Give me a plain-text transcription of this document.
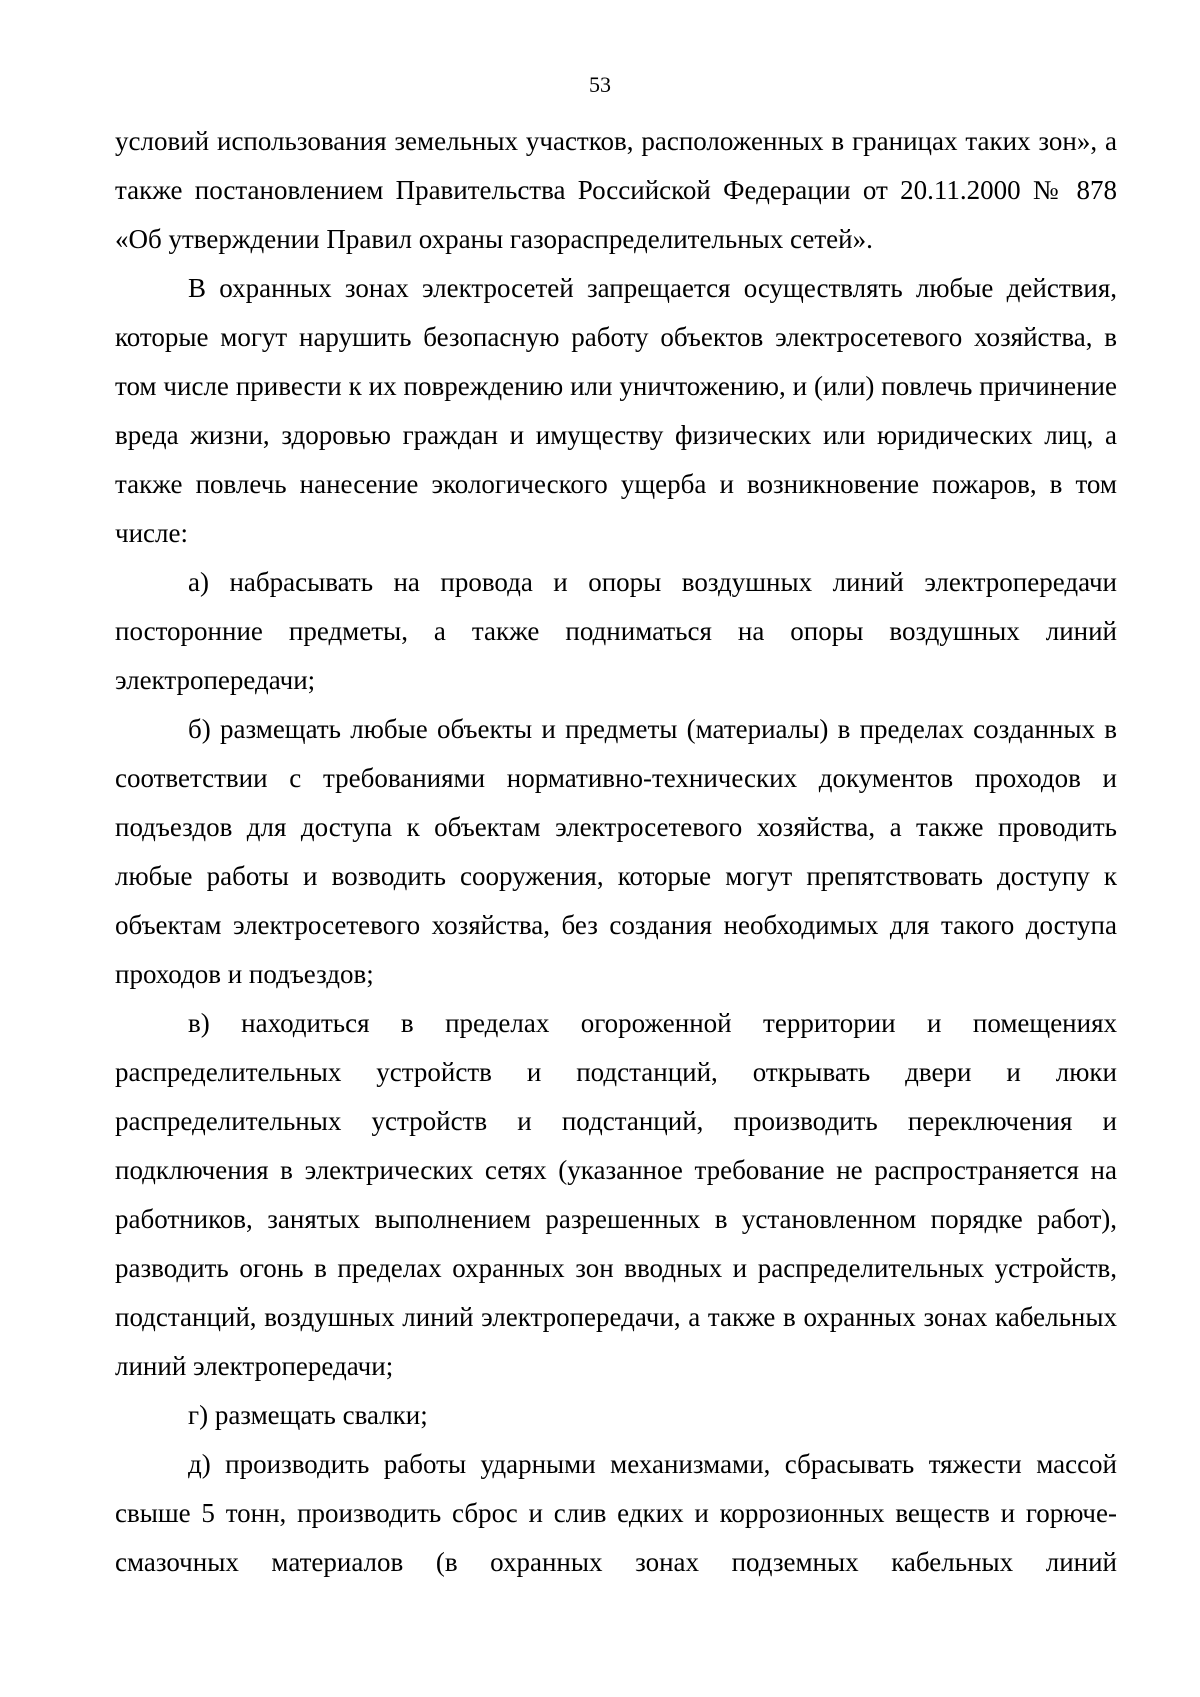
53

условий использования земельных участков, расположенных в границах таких зон», а также постановлением Правительства Российской Федерации от 20.11.2000 № 878 «Об утверждении Правил охраны газораспределительных сетей».

В охранных зонах электросетей запрещается осуществлять любые действия, которые могут нарушить безопасную работу объектов электросетевого хозяйства, в том числе привести к их повреждению или уничтожению, и (или) повлечь причинение вреда жизни, здоровью граждан и имуществу физических или юридических лиц, а также повлечь нанесение экологического ущерба и возникновение пожаров, в том числе:

а) набрасывать на провода и опоры воздушных линий электропередачи посторонние предметы, а также подниматься на опоры воздушных линий электропередачи;

б) размещать любые объекты и предметы (материалы) в пределах созданных в соответствии с требованиями нормативно-технических документов проходов и подъездов для доступа к объектам электросетевого хозяйства, а также проводить любые работы и возводить сооружения, которые могут препятствовать доступу к объектам электросетевого хозяйства, без создания необходимых для такого доступа проходов и подъездов;

в) находиться в пределах огороженной территории и помещениях распределительных устройств и подстанций, открывать двери и люки распределительных устройств и подстанций, производить переключения и подключения в электрических сетях (указанное требование не распространяется на работников, занятых выполнением разрешенных в установленном порядке работ), разводить огонь в пределах охранных зон вводных и распределительных устройств, подстанций, воздушных линий электропередачи, а также в охранных зонах кабельных линий электропередачи;

г) размещать свалки;

д) производить работы ударными механизмами, сбрасывать тяжести массой свыше 5 тонн, производить сброс и слив едких и коррозионных веществ и горюче-смазочных материалов (в охранных зонах подземных кабельных линий
